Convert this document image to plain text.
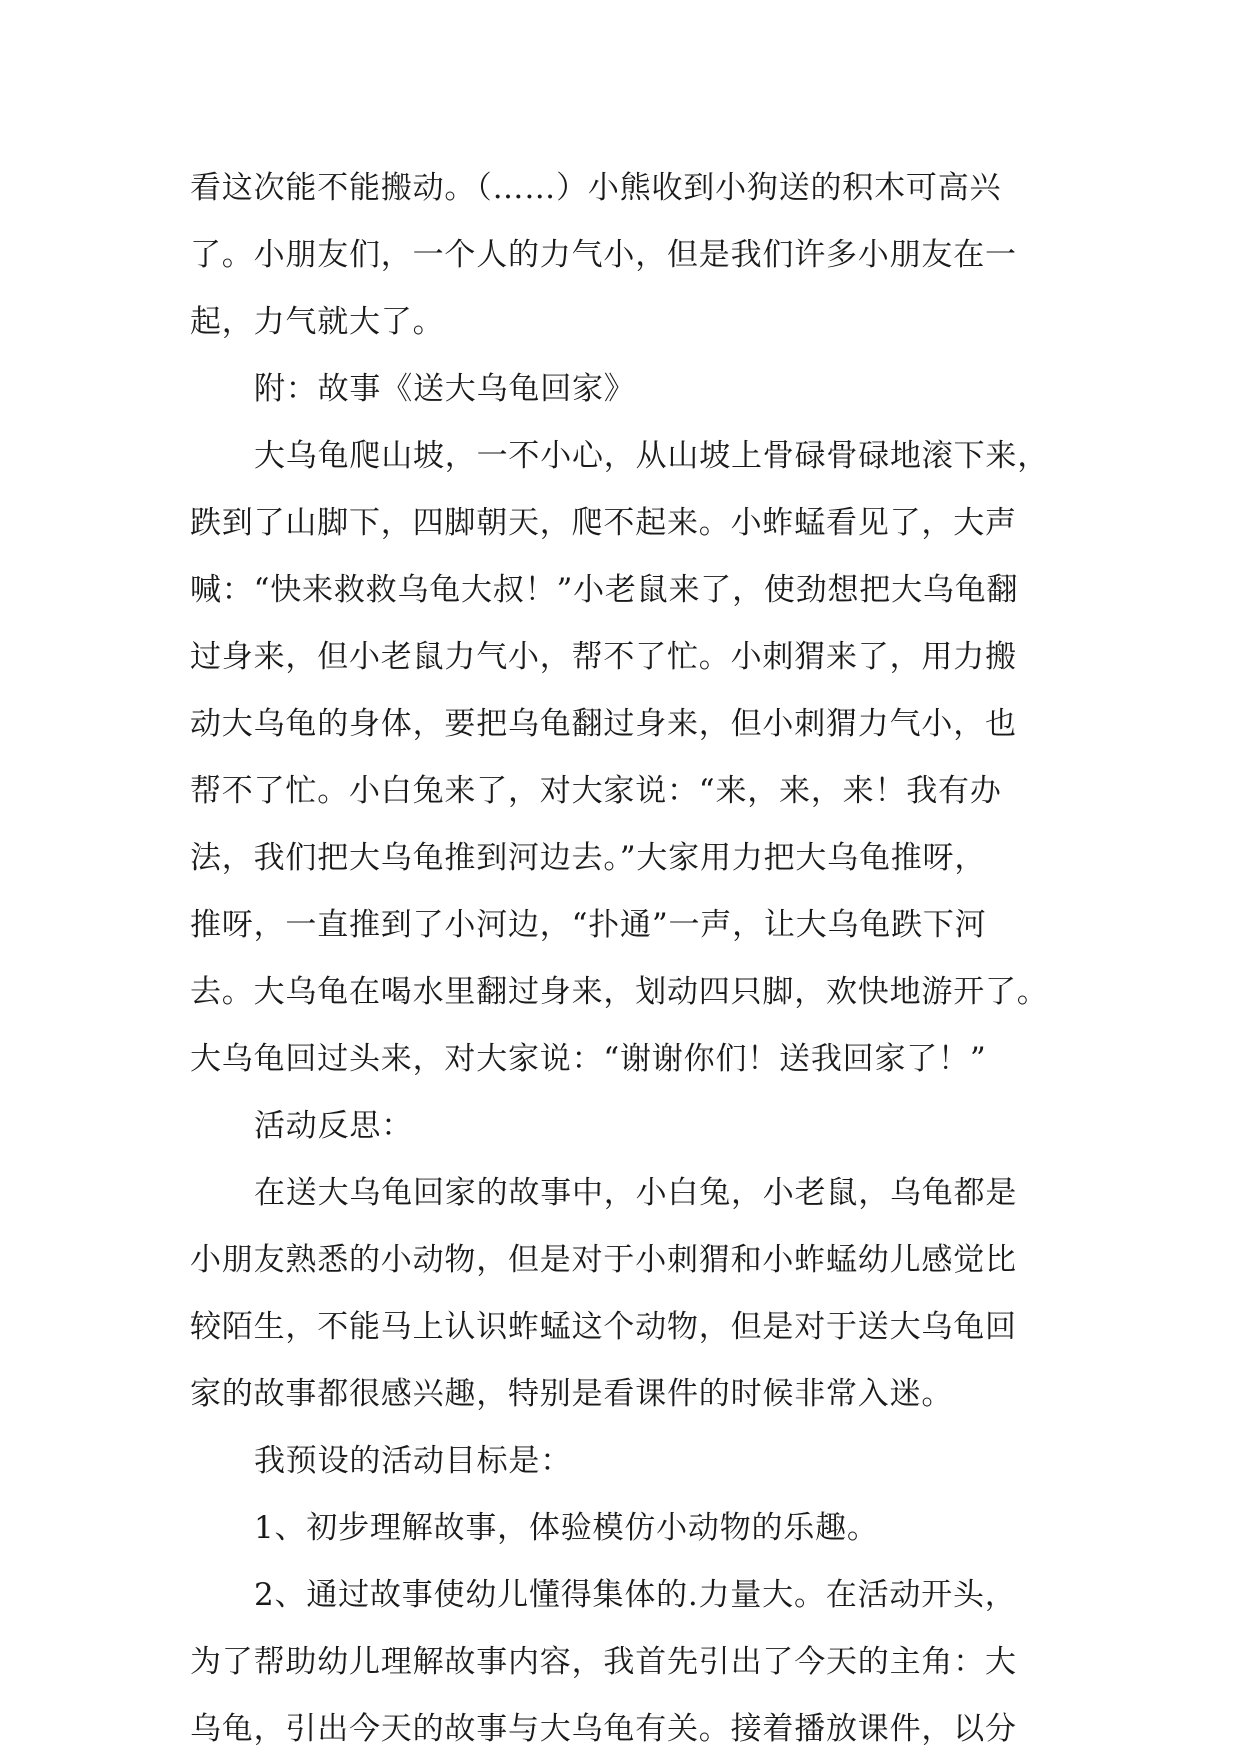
看这次能不能搬动。（……）小熊收到小狗送的积木可高兴
了。小朋友们，一个人的力气小，但是我们许多小朋友在一
起，力气就大了。
附：故事《送大乌龟回家》
大乌龟爬山坡，一不小心，从山坡上骨碌骨碌地滚下来，
跌到了山脚下，四脚朝天，爬不起来。小蚱蜢看见了，大声
喊：“快来救救乌龟大叔！”小老鼠来了，使劲想把大乌龟翻
过身来，但小老鼠力气小，帮不了忙。小刺猬来了，用力搬
动大乌龟的身体，要把乌龟翻过身来，但小刺猬力气小，也
帮不了忙。小白兔来了，对大家说：“来，来，来！我有办
法，我们把大乌龟推到河边去。”大家用力把大乌龟推呀，
推呀，一直推到了小河边，“扑通”一声，让大乌龟跌下河
去。大乌龟在喝水里翻过身来，划动四只脚，欢快地游开了。
大乌龟回过头来，对大家说：“谢谢你们！送我回家了！”
活动反思：
在送大乌龟回家的故事中，小白兔，小老鼠，乌龟都是
小朋友熟悉的小动物，但是对于小刺猬和小蚱蜢幼儿感觉比
较陌生，不能马上认识蚱蜢这个动物，但是对于送大乌龟回
家的故事都很感兴趣，特别是看课件的时候非常入迷。
我预设的活动目标是：
1、初步理解故事，体验模仿小动物的乐趣。
2、通过故事使幼儿懂得集体的.力量大。在活动开头，
为了帮助幼儿理解故事内容，我首先引出了今天的主角：大
乌龟，引出今天的故事与大乌龟有关。接着播放课件，以分
